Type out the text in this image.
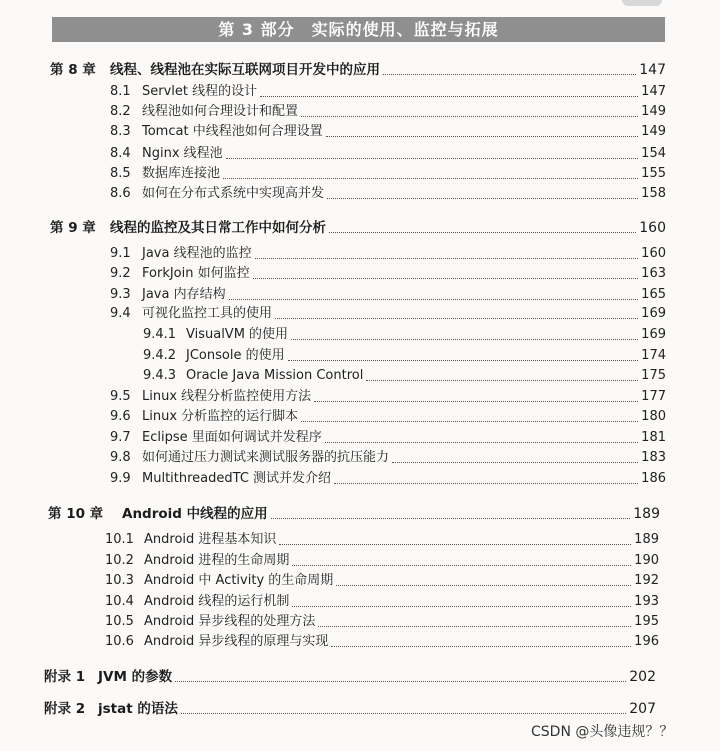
第 3 部分　实际的使用、监控与拓展
第 8 章	线程、线程池在实际互联网项目开发中的应用	147
8.1 Servlet 线程的设计	147
8.2 线程池如何合理设计和配置	149
8.3 Tomcat 中线程池如何合理设置	149
8.4 Nginx 线程池	154
8.5 数据库连接池	155
8.6 如何在分布式系统中实现高并发	158
第 9 章	线程的监控及其日常工作中如何分析	160
9.1 Java 线程池的监控	160
9.2 ForkJoin 如何监控	163
9.3 Java 内存结构	165
9.4 可视化监控工具的使用	169
9.4.1 VisualVM 的使用	169
9.4.2 JConsole 的使用	174
9.4.3 Oracle Java Mission Control	175
9.5 Linux 线程分析监控使用方法	177
9.6 Linux 分析监控的运行脚本	180
9.7 Eclipse 里面如何调试并发程序	181
9.8 如何通过压力测试来测试服务器的抗压能力	183
9.9 MultithreadedTC 测试并发介绍	186
第 10 章	Android 中线程的应用	189
10.1 Android 进程基本知识	189
10.2 Android 进程的生命周期	190
10.3 Android 中 Activity 的生命周期	192
10.4 Android 线程的运行机制	193
10.5 Android 异步线程的处理方法	195
10.6 Android 异步线程的原理与实现	196
附录 1 JVM 的参数	202
附录 2 jstat 的语法	207
CSDN @头像违规？？
